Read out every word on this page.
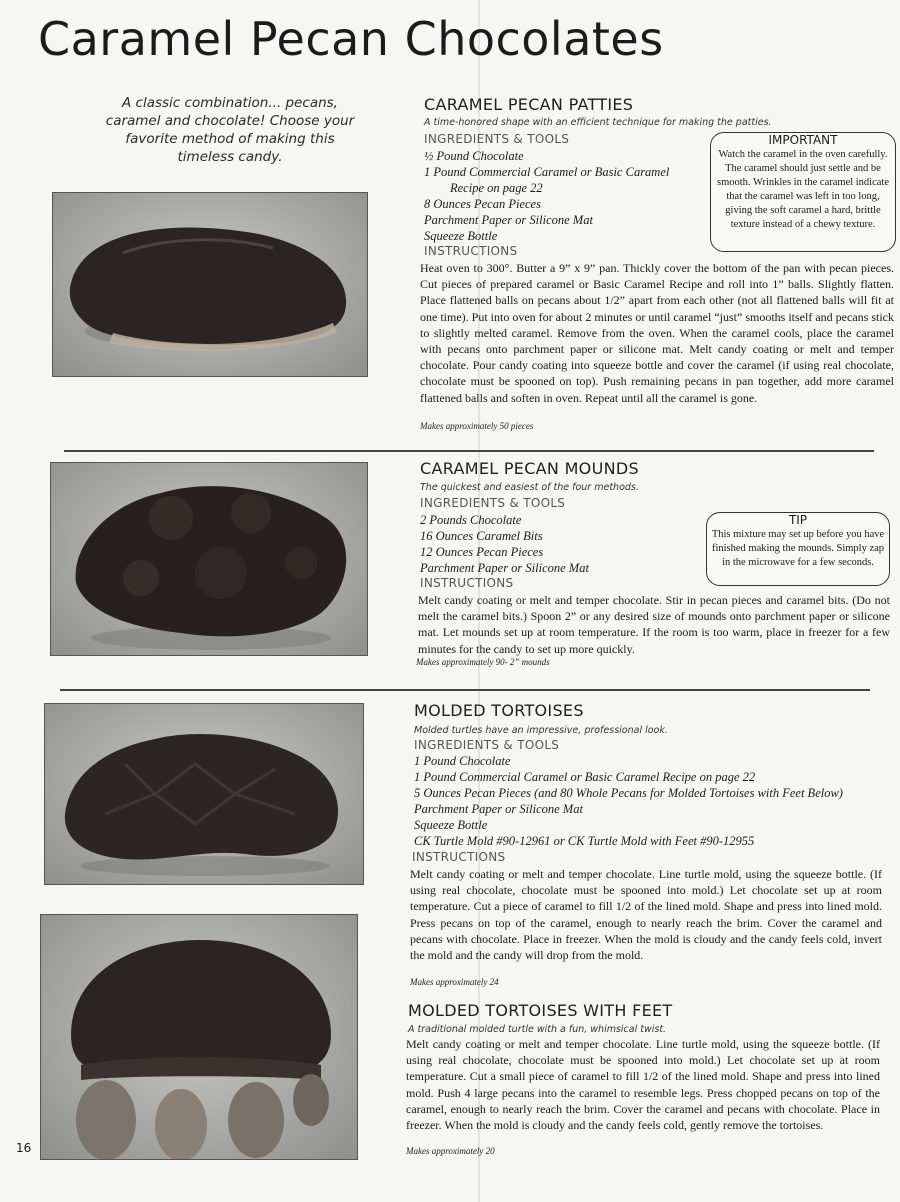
Caramel Pecan Chocolates
A classic combination... pecans, caramel and chocolate! Choose your favorite method of making this timeless candy.
CARAMEL PECAN PATTIES
A time-honored shape with an efficient technique for making the patties.
INGREDIENTS & TOOLS
½ Pound Chocolate
1 Pound Commercial Caramel or Basic Caramel
Recipe on page 22
8 Ounces Pecan Pieces
Parchment Paper or Silicone Mat
Squeeze Bottle
INSTRUCTIONS
Heat oven to 300°. Butter a 9” x 9” pan. Thickly cover the bottom of the pan with pecan pieces. Cut pieces of prepared caramel or Basic Caramel Recipe and roll into 1” balls. Slightly flatten. Place flattened balls on pecans about 1/2” apart from each other (not all flattened balls will fit at one time). Put into oven for about 2 minutes or until caramel “just” smooths itself and pecans stick to slightly melted caramel. Remove from the oven. When the caramel cools, place the caramel with pecans onto parchment paper or silicone mat. Melt candy coating or melt and temper chocolate. Pour candy coating into squeeze bottle and cover the caramel (if using real chocolate, chocolate must be spooned on top). Push remaining pecans in pan together, add more caramel flattened balls and soften in oven. Repeat until all the caramel is gone.
Makes approximately 50 pieces
IMPORTANT
Watch the caramel in the oven carefully. The caramel should just settle and be smooth. Wrinkles in the caramel indicate that the caramel was left in too long, giving the soft caramel a hard, brittle texture instead of a chewy texture.
CARAMEL PECAN MOUNDS
The quickest and easiest of the four methods.
INGREDIENTS & TOOLS
2 Pounds Chocolate
16 Ounces Caramel Bits
12 Ounces Pecan Pieces
Parchment Paper or Silicone Mat
INSTRUCTIONS
Melt candy coating or melt and temper chocolate. Stir in pecan pieces and caramel bits. (Do not melt the caramel bits.) Spoon 2” or any desired size of mounds onto parchment paper or silicone mat. Let mounds set up at room temperature. If the room is too warm, place in freezer for a few minutes for the candy to set up more quickly.
Makes approximately 90- 2” mounds
TIP
This mixture may set up before you have finished making the mounds. Simply zap in the microwave for a few seconds.
MOLDED TORTOISES
Molded turtles have an impressive, professional look.
INGREDIENTS & TOOLS
1 Pound Chocolate
1 Pound Commercial Caramel or Basic Caramel Recipe on page 22
5 Ounces Pecan Pieces (and 80 Whole Pecans for Molded Tortoises with Feet Below)
Parchment Paper or Silicone Mat
Squeeze Bottle
CK Turtle Mold #90-12961 or CK Turtle Mold with Feet #90-12955
INSTRUCTIONS
Melt candy coating or melt and temper chocolate. Line turtle mold, using the squeeze bottle. (If using real chocolate, chocolate must be spooned into mold.) Let chocolate set up at room temperature. Cut a piece of caramel to fill 1/2 of the lined mold. Shape and press into lined mold. Press pecans on top of the caramel, enough to nearly reach the brim. Cover the caramel and pecans with chocolate. Place in freezer. When the mold is cloudy and the candy feels cold, invert the mold and the candy will drop from the mold.
Makes approximately 24
MOLDED TORTOISES WITH FEET
A traditional molded turtle with a fun, whimsical twist.
Melt candy coating or melt and temper chocolate. Line turtle mold, using the squeeze bottle. (If using real chocolate, chocolate must be spooned into mold.) Let chocolate set up at room temperature. Cut a small piece of caramel to fill 1/2 of the lined mold. Shape and press into lined mold. Push 4 large pecans into the caramel to resemble legs. Press chopped pecans on top of the caramel, enough to nearly reach the brim. Cover the caramel and pecans with chocolate. Place in freezer. When the mold is cloudy and the candy feels cold, gently remove the tortoises.
Makes approximately 20
16
